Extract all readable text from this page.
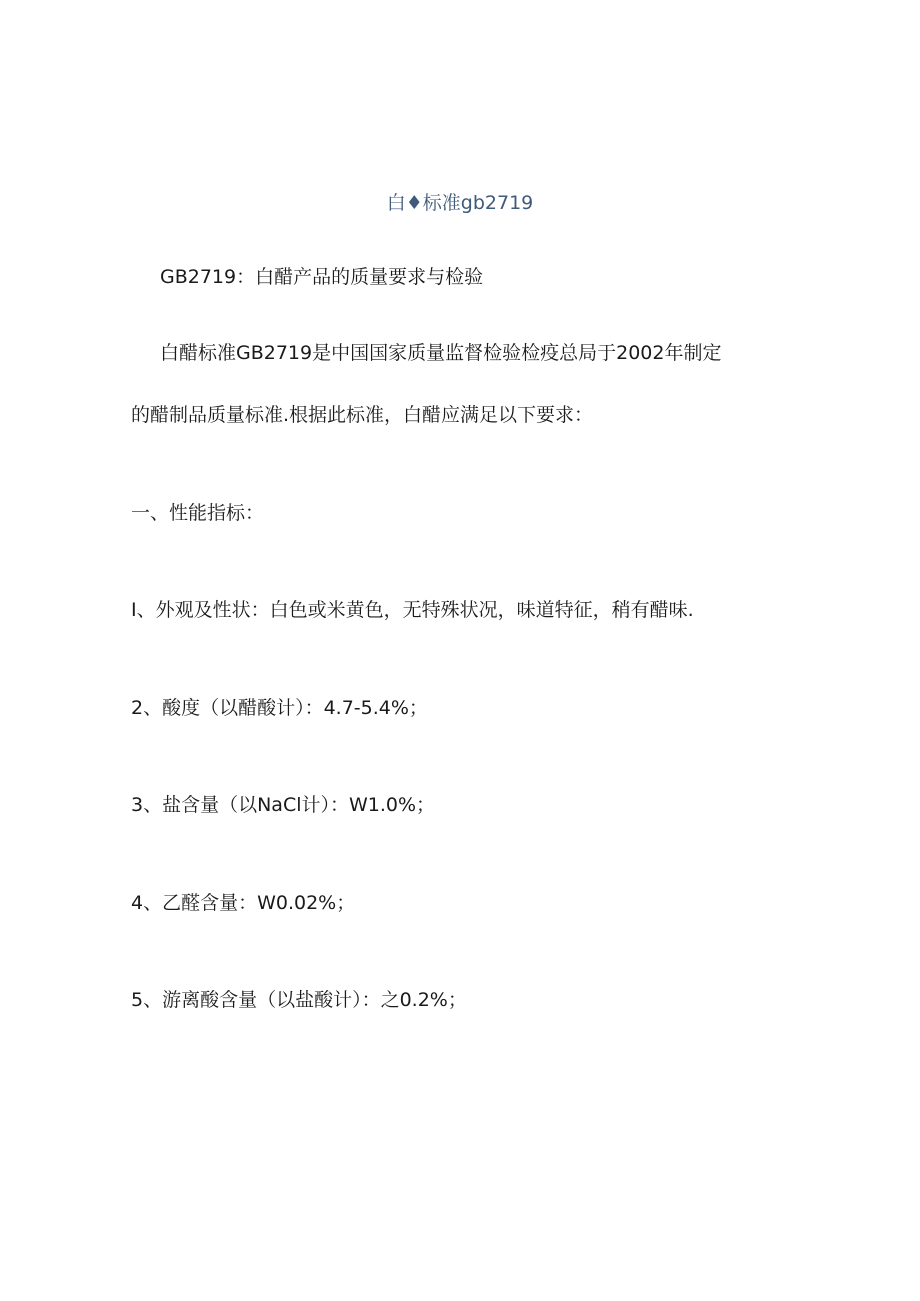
白♦标准gb2719
GB2719：白醋产品的质量要求与检验
白醋标准GB2719是中国国家质量监督检验检疫总局于2002年制定
的醋制品质量标准.根据此标准，白醋应满足以下要求：
一、性能指标：
I、外观及性状：白色或米黄色，无特殊状况，味道特征，稍有醋味.
2、酸度（以醋酸计）：4.7-5.4%；
3、盐含量（以NaCl计）：W1.0%；
4、乙醛含量：W0.02%；
5、游离酸含量（以盐酸计）：之0.2%；
